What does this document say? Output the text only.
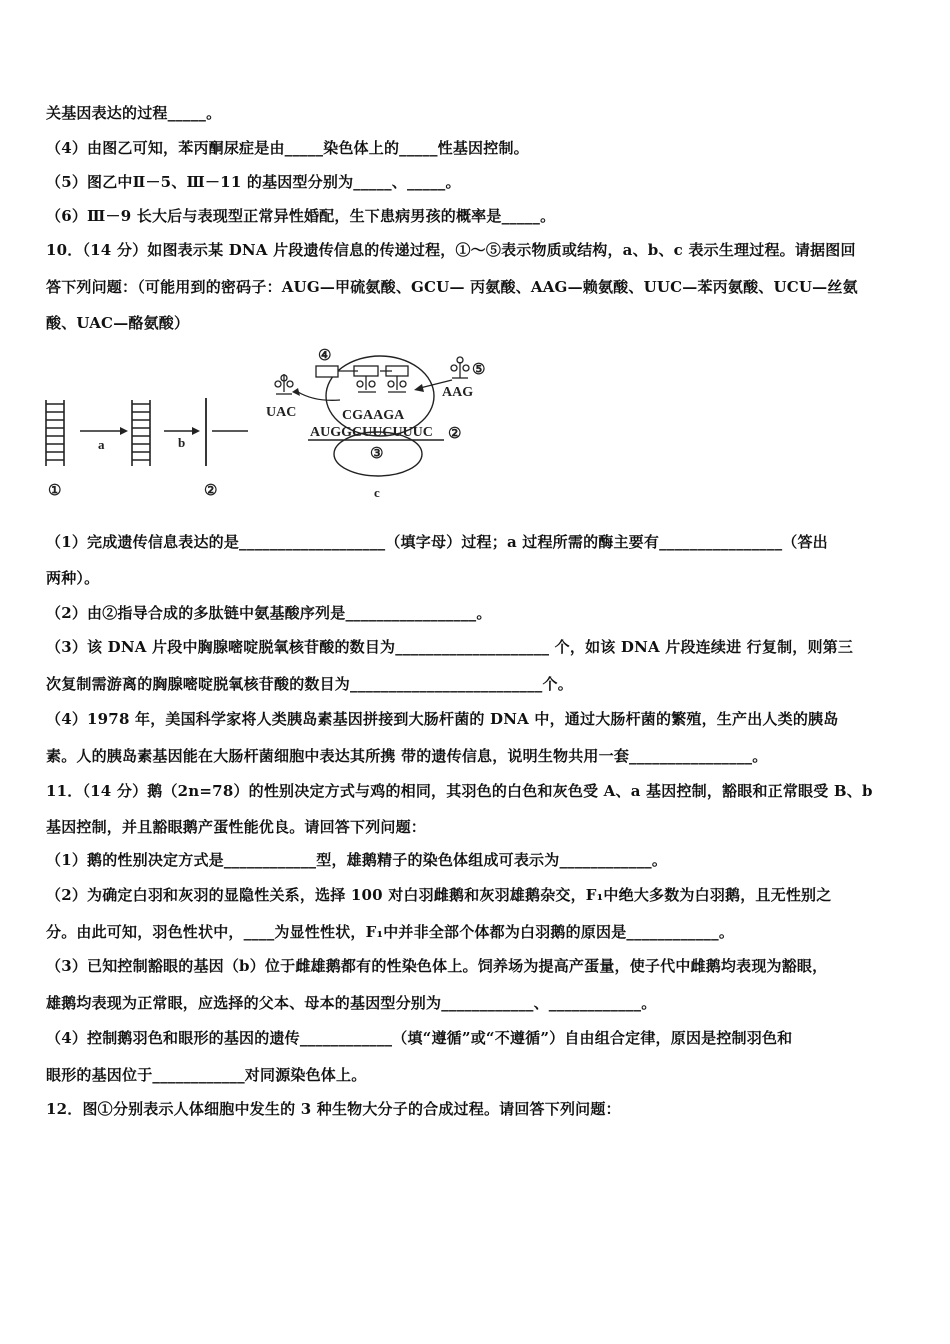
关基因表达的过程_____。
（4）由图乙可知，苯丙酮尿症是由_____染色体上的_____性基因控制。
（5）图乙中Ⅱ－5、Ⅲ－11 的基因型分别为_____、_____。
（6）Ⅲ－9 长大后与表现型正常异性婚配，生下患病男孩的概率是_____。
10．（14 分）如图表示某 DNA 片段遗传信息的传递过程，①～⑤表示物质或结构，a、b、c 表示生理过程。请据图回
答下列问题：（可能用到的密码子：AUG—甲硫氨酸、GCU— 丙氨酸、AAG—赖氨酸、UUC—苯丙氨酸、UCU—丝氨
酸、UAC—酪氨酸）
a	b
④
⑤
AAG
UAC	CGAAGA
AUGGCUUCUUUC ②
③
c
①	②
（1）完成遗传信息表达的是___________________（填字母）过程；a 过程所需的酶主要有________________（答出
两种）。
（2）由②指导合成的多肽链中氨基酸序列是_________________。
（3）该 DNA 片段中胸腺嘧啶脱氧核苷酸的数目为____________________ 个，如该 DNA 片段连续进 行复制，则第三
次复制需游离的胸腺嘧啶脱氧核苷酸的数目为_________________________个。
（4）1978 年，美国科学家将人类胰岛素基因拼接到大肠杆菌的 DNA 中，通过大肠杆菌的繁殖，生产出人类的胰岛
素。人的胰岛素基因能在大肠杆菌细胞中表达其所携 带的遗传信息，说明生物共用一套________________。
11．（14 分）鹅（2n=78）的性别决定方式与鸡的相同，其羽色的白色和灰色受 A、a 基因控制，豁眼和正常眼受 B、b
基因控制，并且豁眼鹅产蛋性能优良。请回答下列问题：
（1）鹅的性别决定方式是____________型，雄鹅精子的染色体组成可表示为____________。
（2）为确定白羽和灰羽的显隐性关系，选择 100 对白羽雌鹅和灰羽雄鹅杂交，F₁中绝大多数为白羽鹅，且无性别之
分。由此可知，羽色性状中，____为显性性状，F₁中并非全部个体都为白羽鹅的原因是____________。
（3）已知控制豁眼的基因（b）位于雌雄鹅都有的性染色体上。饲养场为提高产蛋量，使子代中雌鹅均表现为豁眼，
雄鹅均表现为正常眼，应选择的父本、母本的基因型分别为____________、____________。
（4）控制鹅羽色和眼形的基因的遗传____________（填“遵循”或“不遵循”）自由组合定律，原因是控制羽色和
眼形的基因位于____________对同源染色体上。
12．图①分别表示人体细胞中发生的 3 种生物大分子的合成过程。请回答下列问题：
